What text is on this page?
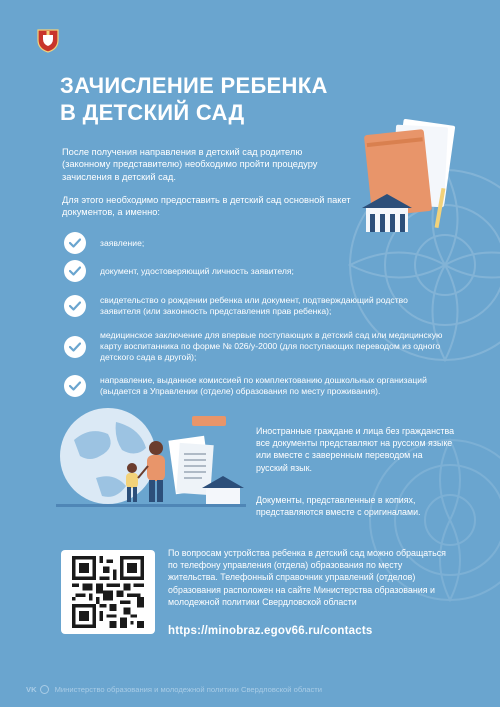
ЗАЧИСЛЕНИЕ РЕБЕНКА
В ДЕТСКИЙ САД
После получения направления в детский сад родителю (законному представителю) необходимо пройти процедуру зачисления в детский сад.
Для этого необходимо предоставить в детский сад основной пакет документов, а именно:
заявление;
документ, удостоверяющий личность заявителя;
свидетельство о рождении ребенка или документ, подтверждающий родство заявителя (или законность представления прав ребенка);
медицинское заключение для впервые поступающих в детский сад или медицинскую карту воспитанника по форме № 026/у-2000 (для поступающих переводом из одного детского сада в другой);
направление, выданное комиссией по комплектованию дошкольных организаций (выдается в Управлении (отделе) образования по месту проживания).
Иностранные граждане и лица без гражданства все документы представляют на русском языке или вместе с заверенным переводом на русский язык.
Документы, представленные в копиях, представляются вместе с оригиналами.
По вопросам устройства ребенка в детский сад можно обращаться по телефону управления (отдела) образования по месту жительства. Телефонный справочник управлений (отделов) образования расположен на сайте Министерства образования и молодежной политики Свердловской области
https://minobraz.egov66.ru/contacts
VK Министерство образования и молодежной политики Свердловской области
